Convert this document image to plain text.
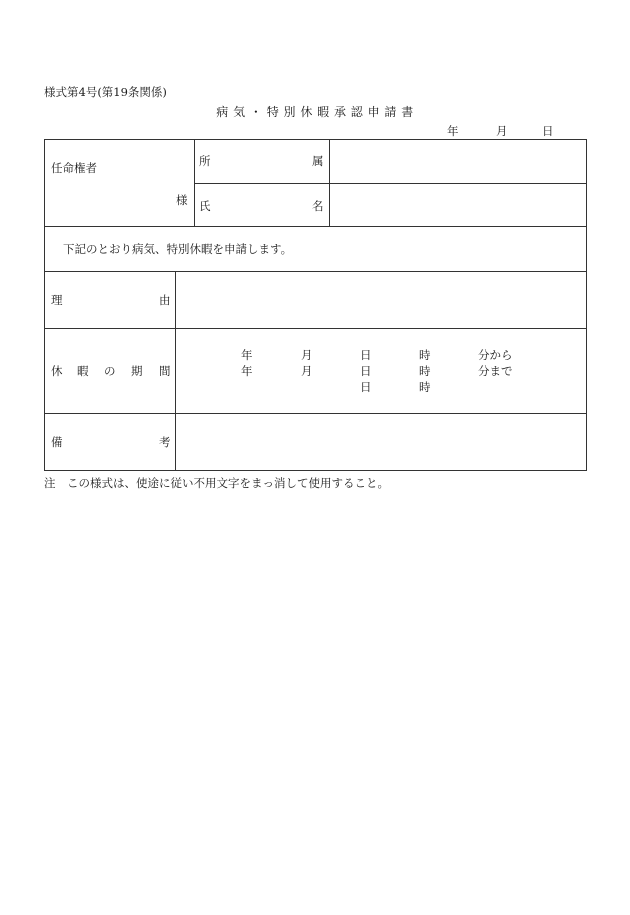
様式第4号(第19条関係)
病 気 ・ 特 別 休 暇 承 認 申 請 書
年	月	日
任命権者
様
所	属
氏	名
下記のとおり病気、特別休暇を申請します。
理	由
休 暇 の 期 間
年	月	日	時	分から
年	月	日	時	分まで
日	時
備	考
注　この様式は、使途に従い不用文字をまっ消して使用すること。
